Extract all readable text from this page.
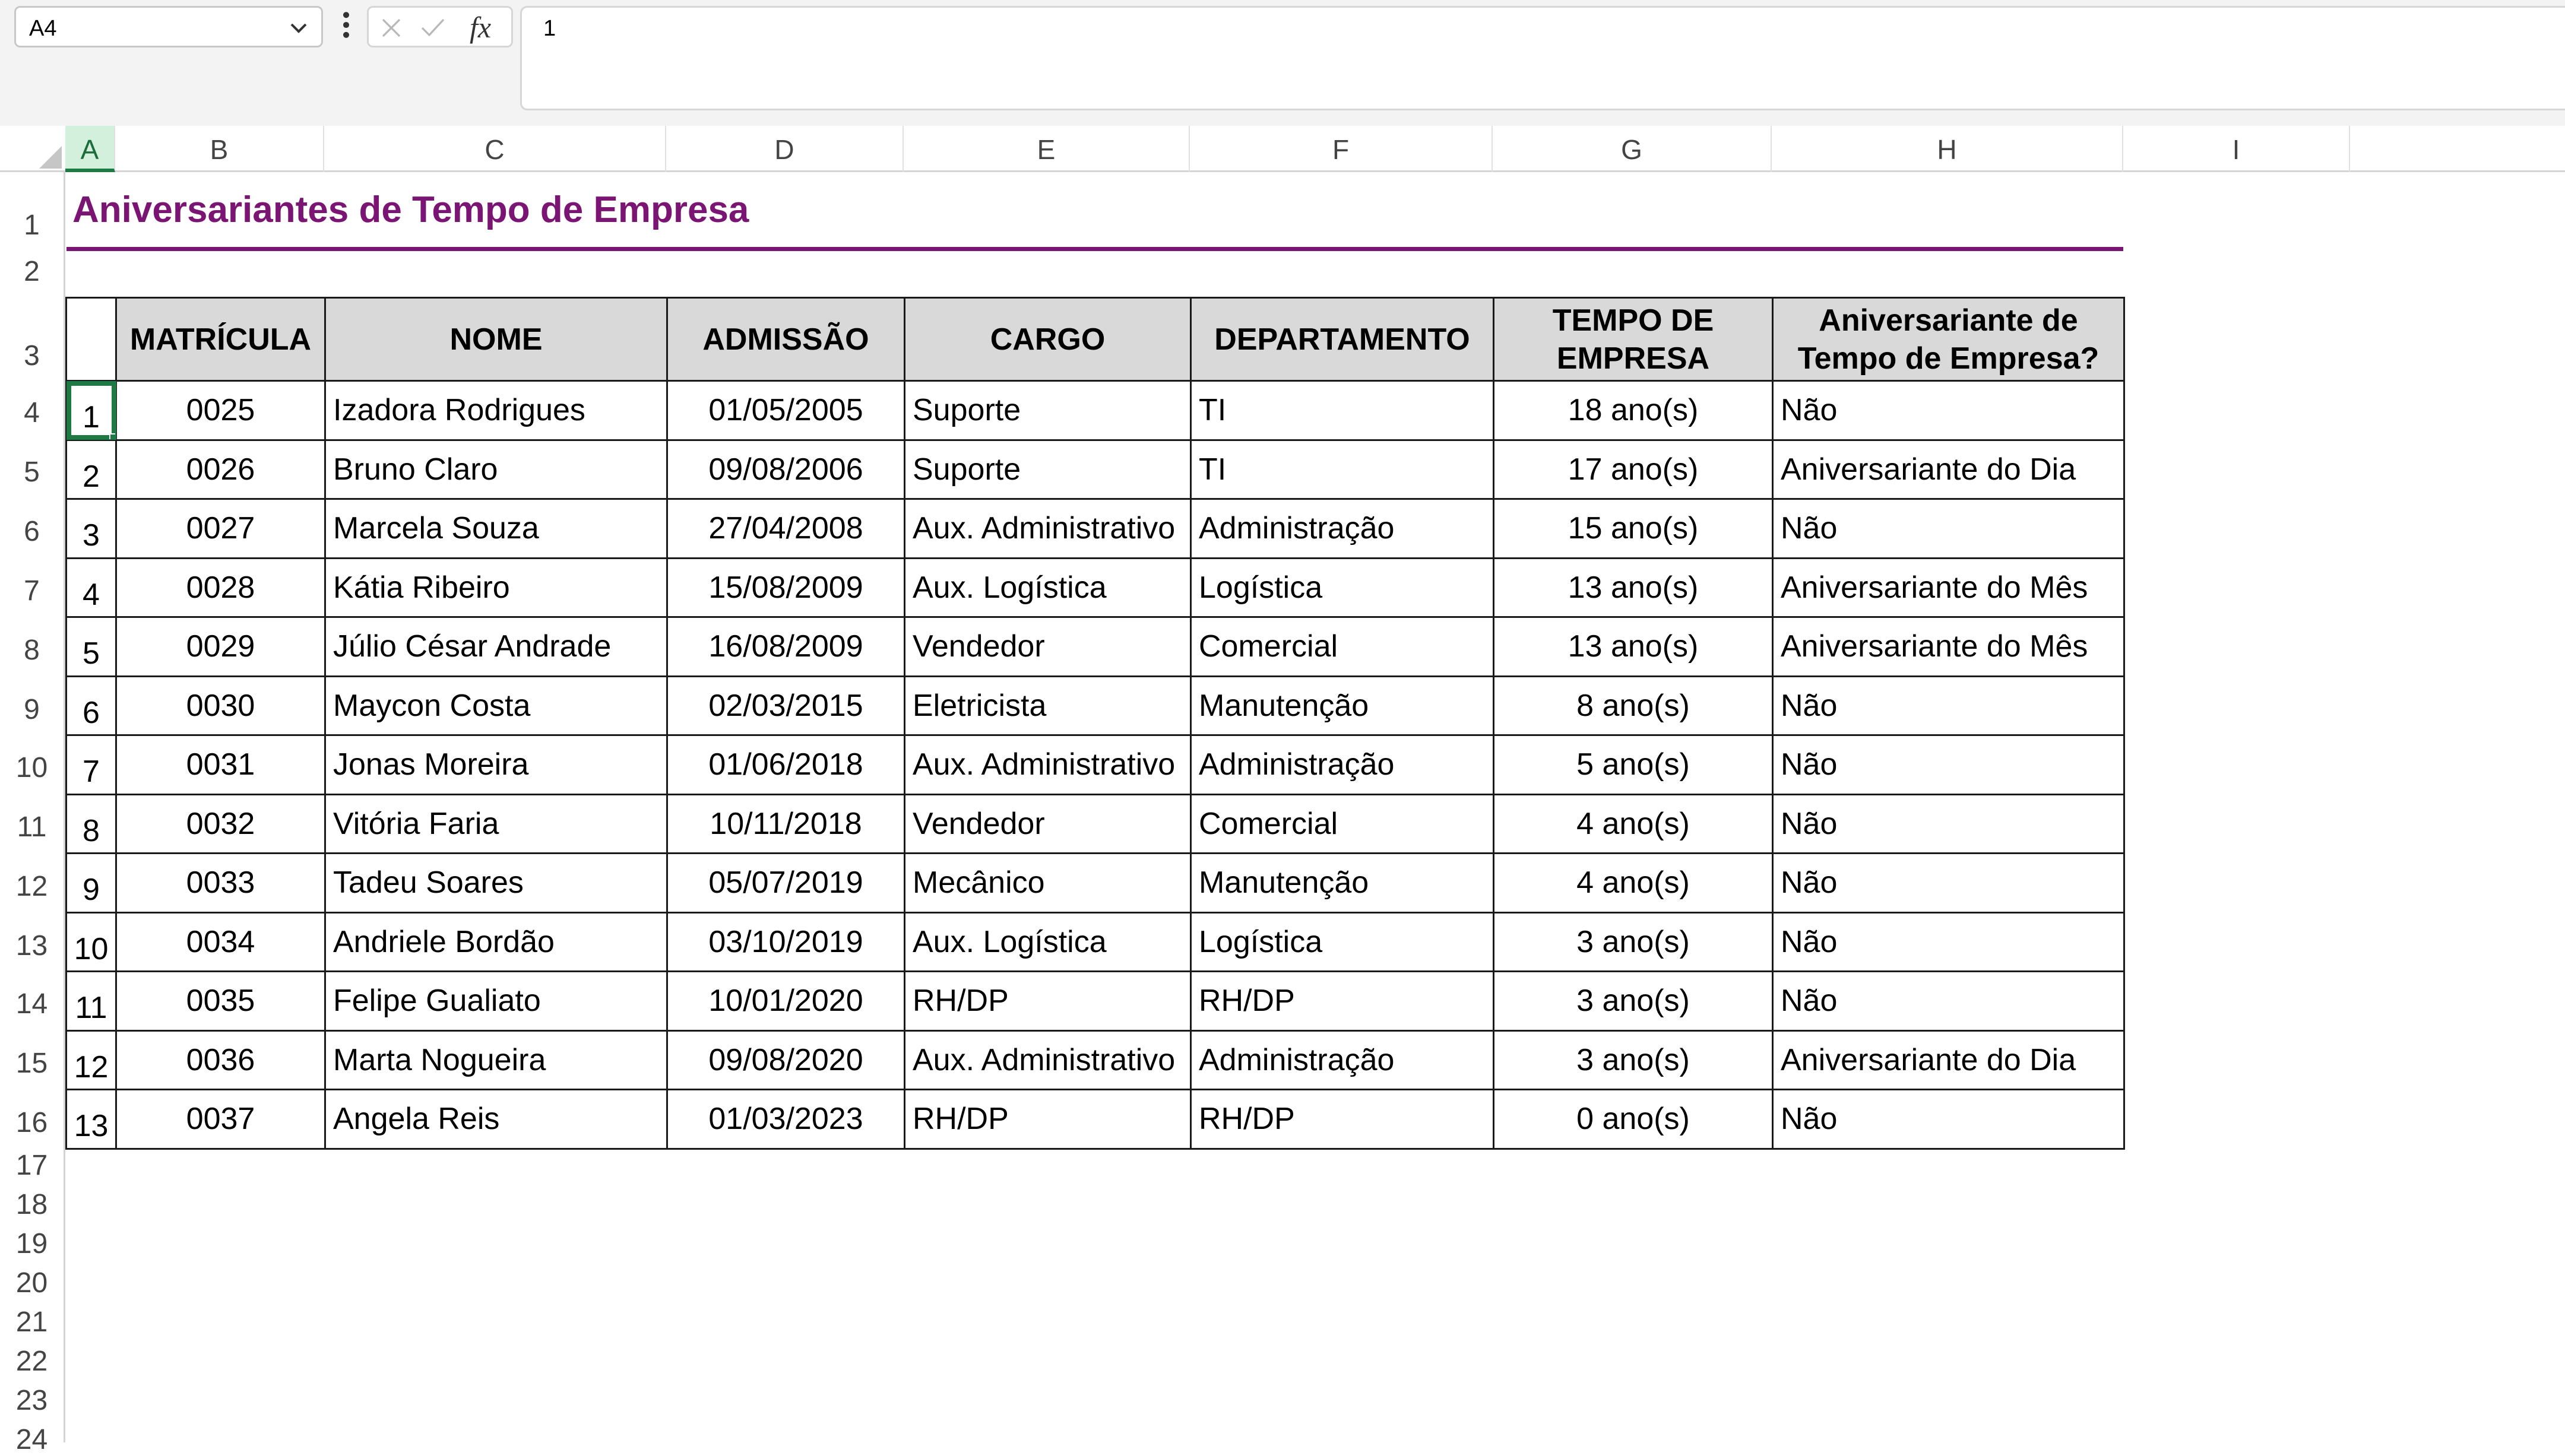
A4	fx 1
A	B	C	D	E	F	G	H	I
1
2
3
4
5
6
7
8
9
10
11
12
13
14
15
16
17
18
19
20
21
22
23
24
Aniversariantes de Tempo de Empresa
	MATRÍCULA	NOME	ADMISSÃO	CARGO	DEPARTAMENTO	TEMPO DE EMPRESA	Aniversariante de Tempo de Empresa?
1	0025	Izadora Rodrigues	01/05/2005	Suporte	TI	18 ano(s)	Não
2	0026	Bruno Claro	09/08/2006	Suporte	TI	17 ano(s)	Aniversariante do Dia
3	0027	Marcela Souza	27/04/2008	Aux. Administrativo	Administração	15 ano(s)	Não
4	0028	Kátia Ribeiro	15/08/2009	Aux. Logística	Logística	13 ano(s)	Aniversariante do Mês
5	0029	Júlio César Andrade	16/08/2009	Vendedor	Comercial	13 ano(s)	Aniversariante do Mês
6	0030	Maycon Costa	02/03/2015	Eletricista	Manutenção	8 ano(s)	Não
7	0031	Jonas Moreira	01/06/2018	Aux. Administrativo	Administração	5 ano(s)	Não
8	0032	Vitória Faria	10/11/2018	Vendedor	Comercial	4 ano(s)	Não
9	0033	Tadeu Soares	05/07/2019	Mecânico	Manutenção	4 ano(s)	Não
10	0034	Andriele Bordão	03/10/2019	Aux. Logística	Logística	3 ano(s)	Não
11	0035	Felipe Gualiato	10/01/2020	RH/DP	RH/DP	3 ano(s)	Não
12	0036	Marta Nogueira	09/08/2020	Aux. Administrativo	Administração	3 ano(s)	Aniversariante do Dia
13	0037	Angela Reis	01/03/2023	RH/DP	RH/DP	0 ano(s)	Não
